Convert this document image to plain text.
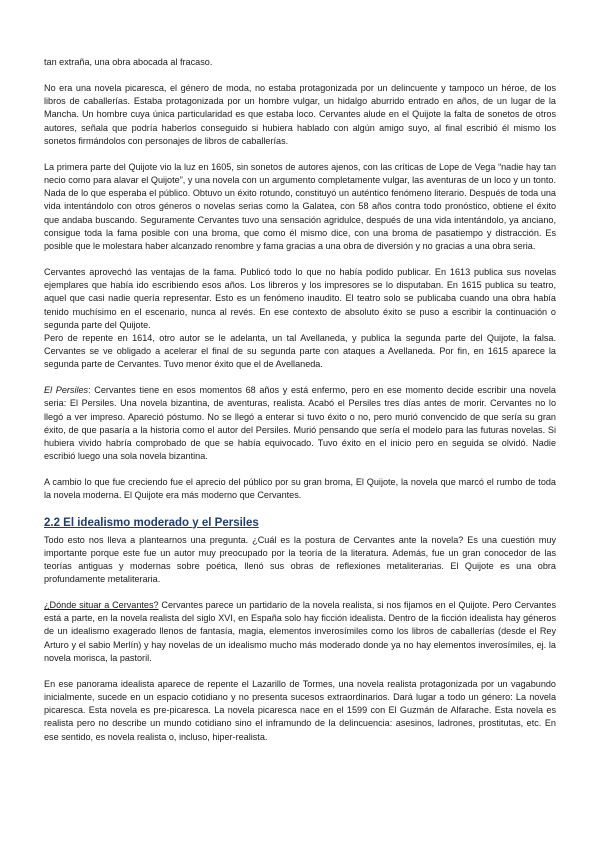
tan extraña, una obra abocada al fracaso.

No era una novela picaresca, el género de moda, no estaba protagonizada por un delincuente y tampoco un héroe, de los libros de caballerías. Estaba protagonizada por un hombre vulgar, un hidalgo aburrido entrado en años, de un lugar de la Mancha. Un hombre cuya única particularidad es que estaba loco. Cervantes alude en el Quijote la falta de sonetos de otros autores, señala que podría haberlos conseguido si hubiera hablado con algún amigo suyo, al final escribió él mismo los sonetos firmándolos con personajes de libros de caballerías.

La primera parte del Quijote vio la luz en 1605, sin sonetos de autores ajenos, con las críticas de Lope de Vega “nadie hay tan necio como para alavar el Quijote”, y una novela con un argumento completamente vulgar, las aventuras de un loco y un tonto. Nada de lo que esperaba el público. Obtuvo un éxito rotundo, constituyó un auténtico fenómeno literario. Después de toda una vida intentándolo con otros géneros o novelas serias como la Galatea, con 58 años contra todo pronóstico, obtiene el éxito que andaba buscando. Seguramente Cervantes tuvo una sensación agridulce, después de una vida intentándolo, ya anciano, consigue toda la fama posible con una broma, que como él mismo dice, con una broma de pasatiempo y distracción. Es posible que le molestara haber alcanzado renombre y fama gracias a una obra de diversión y no gracias a una obra seria.

Cervantes aprovechó las ventajas de la fama. Publicó todo lo que no había podido publicar. En 1613 publica sus novelas ejemplares que había ido escribiendo esos años. Los libreros y los impresores se lo disputaban. En 1615 publica su teatro, aquel que casi nadie quería representar. Esto es un fenómeno inaudito. El teatro solo se publicaba cuando una obra había tenido muchísimo en el escenario, nunca al revés. En ese contexto de absoluto éxito se puso a escribir la continuación o segunda parte del Quijote.

Pero de repente en 1614, otro autor se le adelanta, un tal Avellaneda, y publica la segunda parte del Quijote, la falsa. Cervantes se ve obligado a acelerar el final de su segunda parte con ataques a Avellaneda. Por fin, en 1615 aparece la segunda parte de Cervantes. Tuvo menor éxito que el de Avellaneda.

El Persiles: Cervantes tiene en esos momentos 68 años y está enfermo, pero en ese momento decide escribir una novela seria: El Persiles. Una novela bizantina, de aventuras, realista. Acabó el Persiles tres días antes de morir. Cervantes no lo llegó a ver impreso. Apareció póstumo. No se llegó a enterar si tuvo éxito o no, pero murió convencido de que sería su gran éxito, de que pasaría a la historia como el autor del Persiles. Murió pensando que sería el modelo para las futuras novelas. Si hubiera vivido habría comprobado de que se había equivocado. Tuvo éxito en el inicio pero en seguida se olvidó. Nadie escribió luego una sola novela bizantina.

A cambio lo que fue creciendo fue el aprecio del público por su gran broma, El Quijote, la novela que marcó el rumbo de toda la novela moderna. El Quijote era más moderno que Cervantes.

2.2 El idealismo moderado y el Persiles

Todo esto nos lleva a plantearnos una pregunta. ¿Cuál es la postura de Cervantes ante la novela? Es una cuestión muy importante porque este fue un autor muy preocupado por la teoría de la literatura. Además, fue un gran conocedor de las teorías antiguas y modernas sobre poética, llenó sus obras de reflexiones metaliterarias. El Quijote es una obra profundamente metaliteraria.

¿Dónde situar a Cervantes? Cervantes parece un partidario de la novela realista, si nos fijamos en el Quijote. Pero Cervantes está a parte, en la novela realista del siglo XVI, en España solo hay ficción idealista. Dentro de la ficción idealista hay géneros de un idealismo exagerado llenos de fantasía, magia, elementos inverosímiles como los libros de caballerías (desde el Rey Arturo y el sabio Merlín) y hay novelas de un idealismo mucho más moderado donde ya no hay elementos inverosímiles, ej. la novela morisca, la pastoril.

En ese panorama idealista aparece de repente el Lazarillo de Tormes, una novela realista protagonizada por un vagabundo inicialmente, sucede en un espacio cotidiano y no presenta sucesos extraordinarios. Dará lugar a todo un género: La novela picaresca. Esta novela es pre-picaresca. La novela picaresca nace en el 1599 con El Guzmán de Alfarache. Esta novela es realista pero no describe un mundo cotidiano sino el inframundo de la delincuencia: asesinos, ladrones, prostitutas, etc. En ese sentido, es novela realista o, incluso, hiper-realista.
